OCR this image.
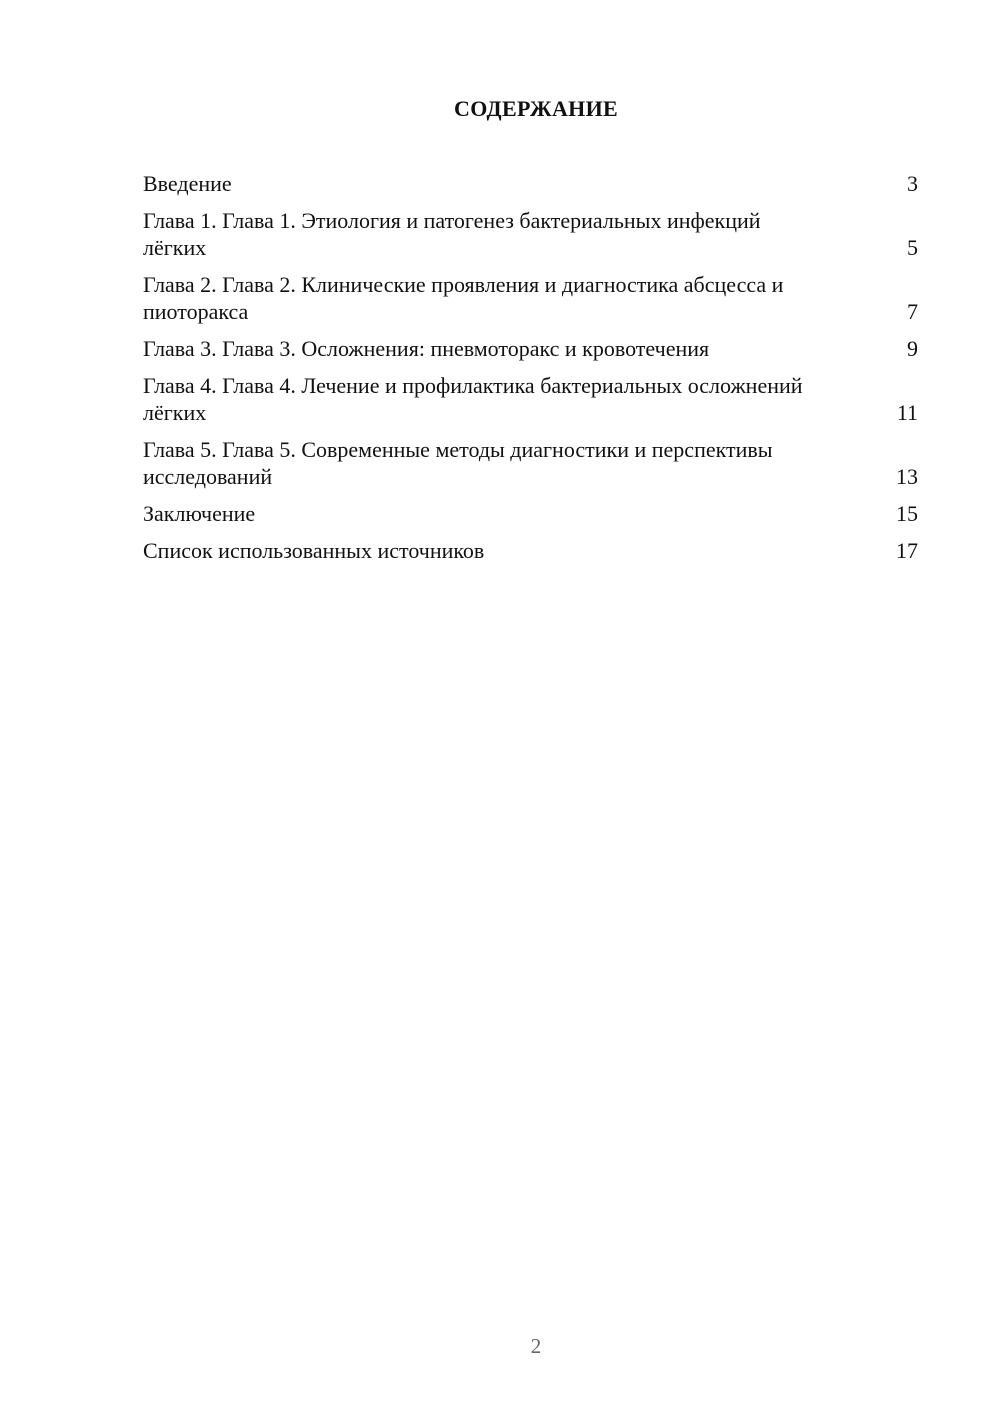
СОДЕРЖАНИЕ
Введение	3
Глава 1. Глава 1. Этиология и патогенез бактериальных инфекций лёгких	5
Глава 2. Глава 2. Клинические проявления и диагностика абсцесса и пиоторакса	7
Глава 3. Глава 3. Осложнения: пневмоторакс и кровотечения	9
Глава 4. Глава 4. Лечение и профилактика бактериальных осложнений лёгких	11
Глава 5. Глава 5. Современные методы диагностики и перспективы исследований	13
Заключение	15
Список использованных источников	17
2
